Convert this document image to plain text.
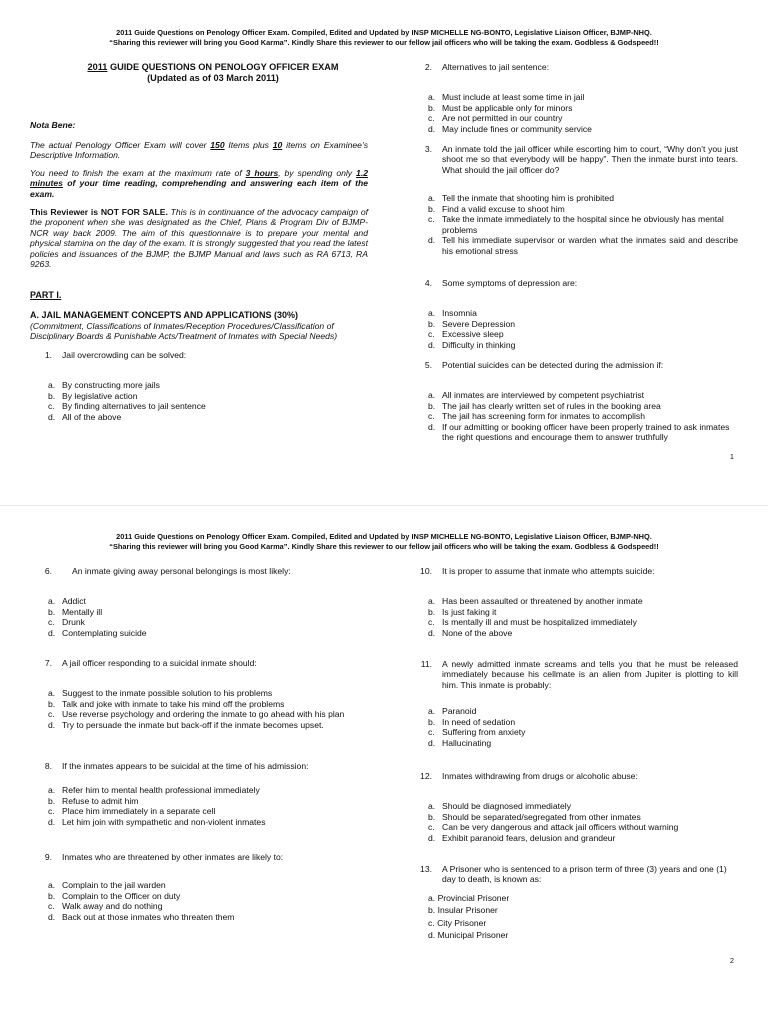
2011 Guide Questions on Penology Officer Exam. Compiled, Edited and Updated by INSP MICHELLE NG-BONTO, Legislative Liaison Officer, BJMP-NHQ.
“Sharing this reviewer will bring you Good Karma”. Kindly Share this reviewer to our fellow jail officers who will be taking the exam. Godbless & Godspeed!!
2011 GUIDE QUESTIONS ON PENOLOGY OFFICER EXAM
(Updated as of 03 March 2011)
Nota Bene:
The actual Penology Officer Exam will cover 150 Items plus 10 items on Examinee’s Descriptive Information.
You need to finish the exam at the maximum rate of 3 hours, by spending only 1.2 minutes of your time reading, comprehending and answering each item of the exam.
This Reviewer is NOT FOR SALE. This is in continuance of the advocacy campaign of the proponent when she was designated as the Chief, Plans & Program Div of BJMP-NCR way back 2009. The aim of this questionnaire is to prepare your mental and physical stamina on the day of the exam. It is strongly suggested that you read the latest policies and issuances of the BJMP, the BJMP Manual and laws such as RA 6713, RA 9263.
PART I.
A. JAIL MANAGEMENT CONCEPTS AND APPLICATIONS (30%)
(Commitment, Classifications of Inmates/Reception Procedures/Classification of Disciplinary Boards & Punishable Acts/Treatment of Inmates with Special Needs)
1.	Jail overcrowding can be solved:
a. By constructing more jails
b. By legislative action
c. By finding alternatives to jail sentence
d. All of the above
2.	Alternatives to jail sentence:
a. Must include at least some time in jail
b. Must be applicable only for minors
c. Are not permitted in our country
d. May include fines or community service
3.	An inmate told the jail officer while escorting him to court, “Why don’t you just shoot me so that everybody will be happy”. Then the inmate burst into tears. What should the jail officer do?
a. Tell the inmate that shooting him is prohibited
b. Find a valid excuse to shoot him
c. Take the inmate immediately to the hospital since he obviously has mental problems
d. Tell his immediate supervisor or warden what the inmates said and describe his emotional stress
4.	Some symptoms of depression are:
a. Insomnia
b. Severe Depression
c. Excessive sleep
d. Difficulty in thinking
5.	Potential suicides can be detected during the admission if:
a. All inmates are interviewed by competent psychiatrist
b. The jail has clearly written set of rules in the booking area
c. The jail has screening form for inmates to accomplish
d. If our admitting or booking officer have been properly trained to ask inmates the right questions and encourage them to answer truthfully
1
2011 Guide Questions on Penology Officer Exam. Compiled, Edited and Updated by INSP MICHELLE NG-BONTO, Legislative Liaison Officer, BJMP-NHQ.
“Sharing this reviewer will bring you Good Karma”. Kindly Share this reviewer to our fellow jail officers who will be taking the exam. Godbless & Godspeed!!
6.	An inmate giving away personal belongings is most likely:
a. Addict
b. Mentally ill
c. Drunk
d. Contemplating suicide
7.	A jail officer responding to a suicidal inmate should:
a. Suggest to the inmate possible solution to his problems
b. Talk and joke with inmate to take his mind off the problems
c. Use reverse psychology and ordering the inmate to go ahead with his plan
d. Try to persuade the inmate but back-off if the inmate becomes upset.
8.	If the inmates appears to be suicidal at the time of his admission:
a. Refer him to mental health professional immediately
b. Refuse to admit him
c. Place him immediately in a separate cell
d. Let him join with sympathetic and non-violent inmates
9.	Inmates who are threatened by other inmates are likely to:
a. Complain to the jail warden
b. Complain to the Officer on duty
c. Walk away and do nothing
d. Back out at those inmates who threaten them
10.	It is proper to assume that inmate who attempts suicide:
a. Has been assaulted or threatened by another inmate
b. Is just faking it
c. Is mentally ill and must be hospitalized immediately
d. None of the above
11.	A newly admitted inmate screams and tells you that he must be released immediately because his cellmate is an alien from Jupiter is plotting to kill him. This inmate is probably:
a. Paranoid
b. In need of sedation
c. Suffering from anxiety
d. Hallucinating
12.	Inmates withdrawing from drugs or alcoholic abuse:
a. Should be diagnosed immediately
b. Should be separated/segregated from other inmates
c. Can be very dangerous and attack jail officers without warning
d. Exhibit paranoid fears, delusion and grandeur
13.	A Prisoner who is sentenced to a prison term of three (3) years and one (1) day to death, is known as:
a. Provincial Prisoner
b. Insular Prisoner
c. City Prisoner
d. Municipal Prisoner
2
